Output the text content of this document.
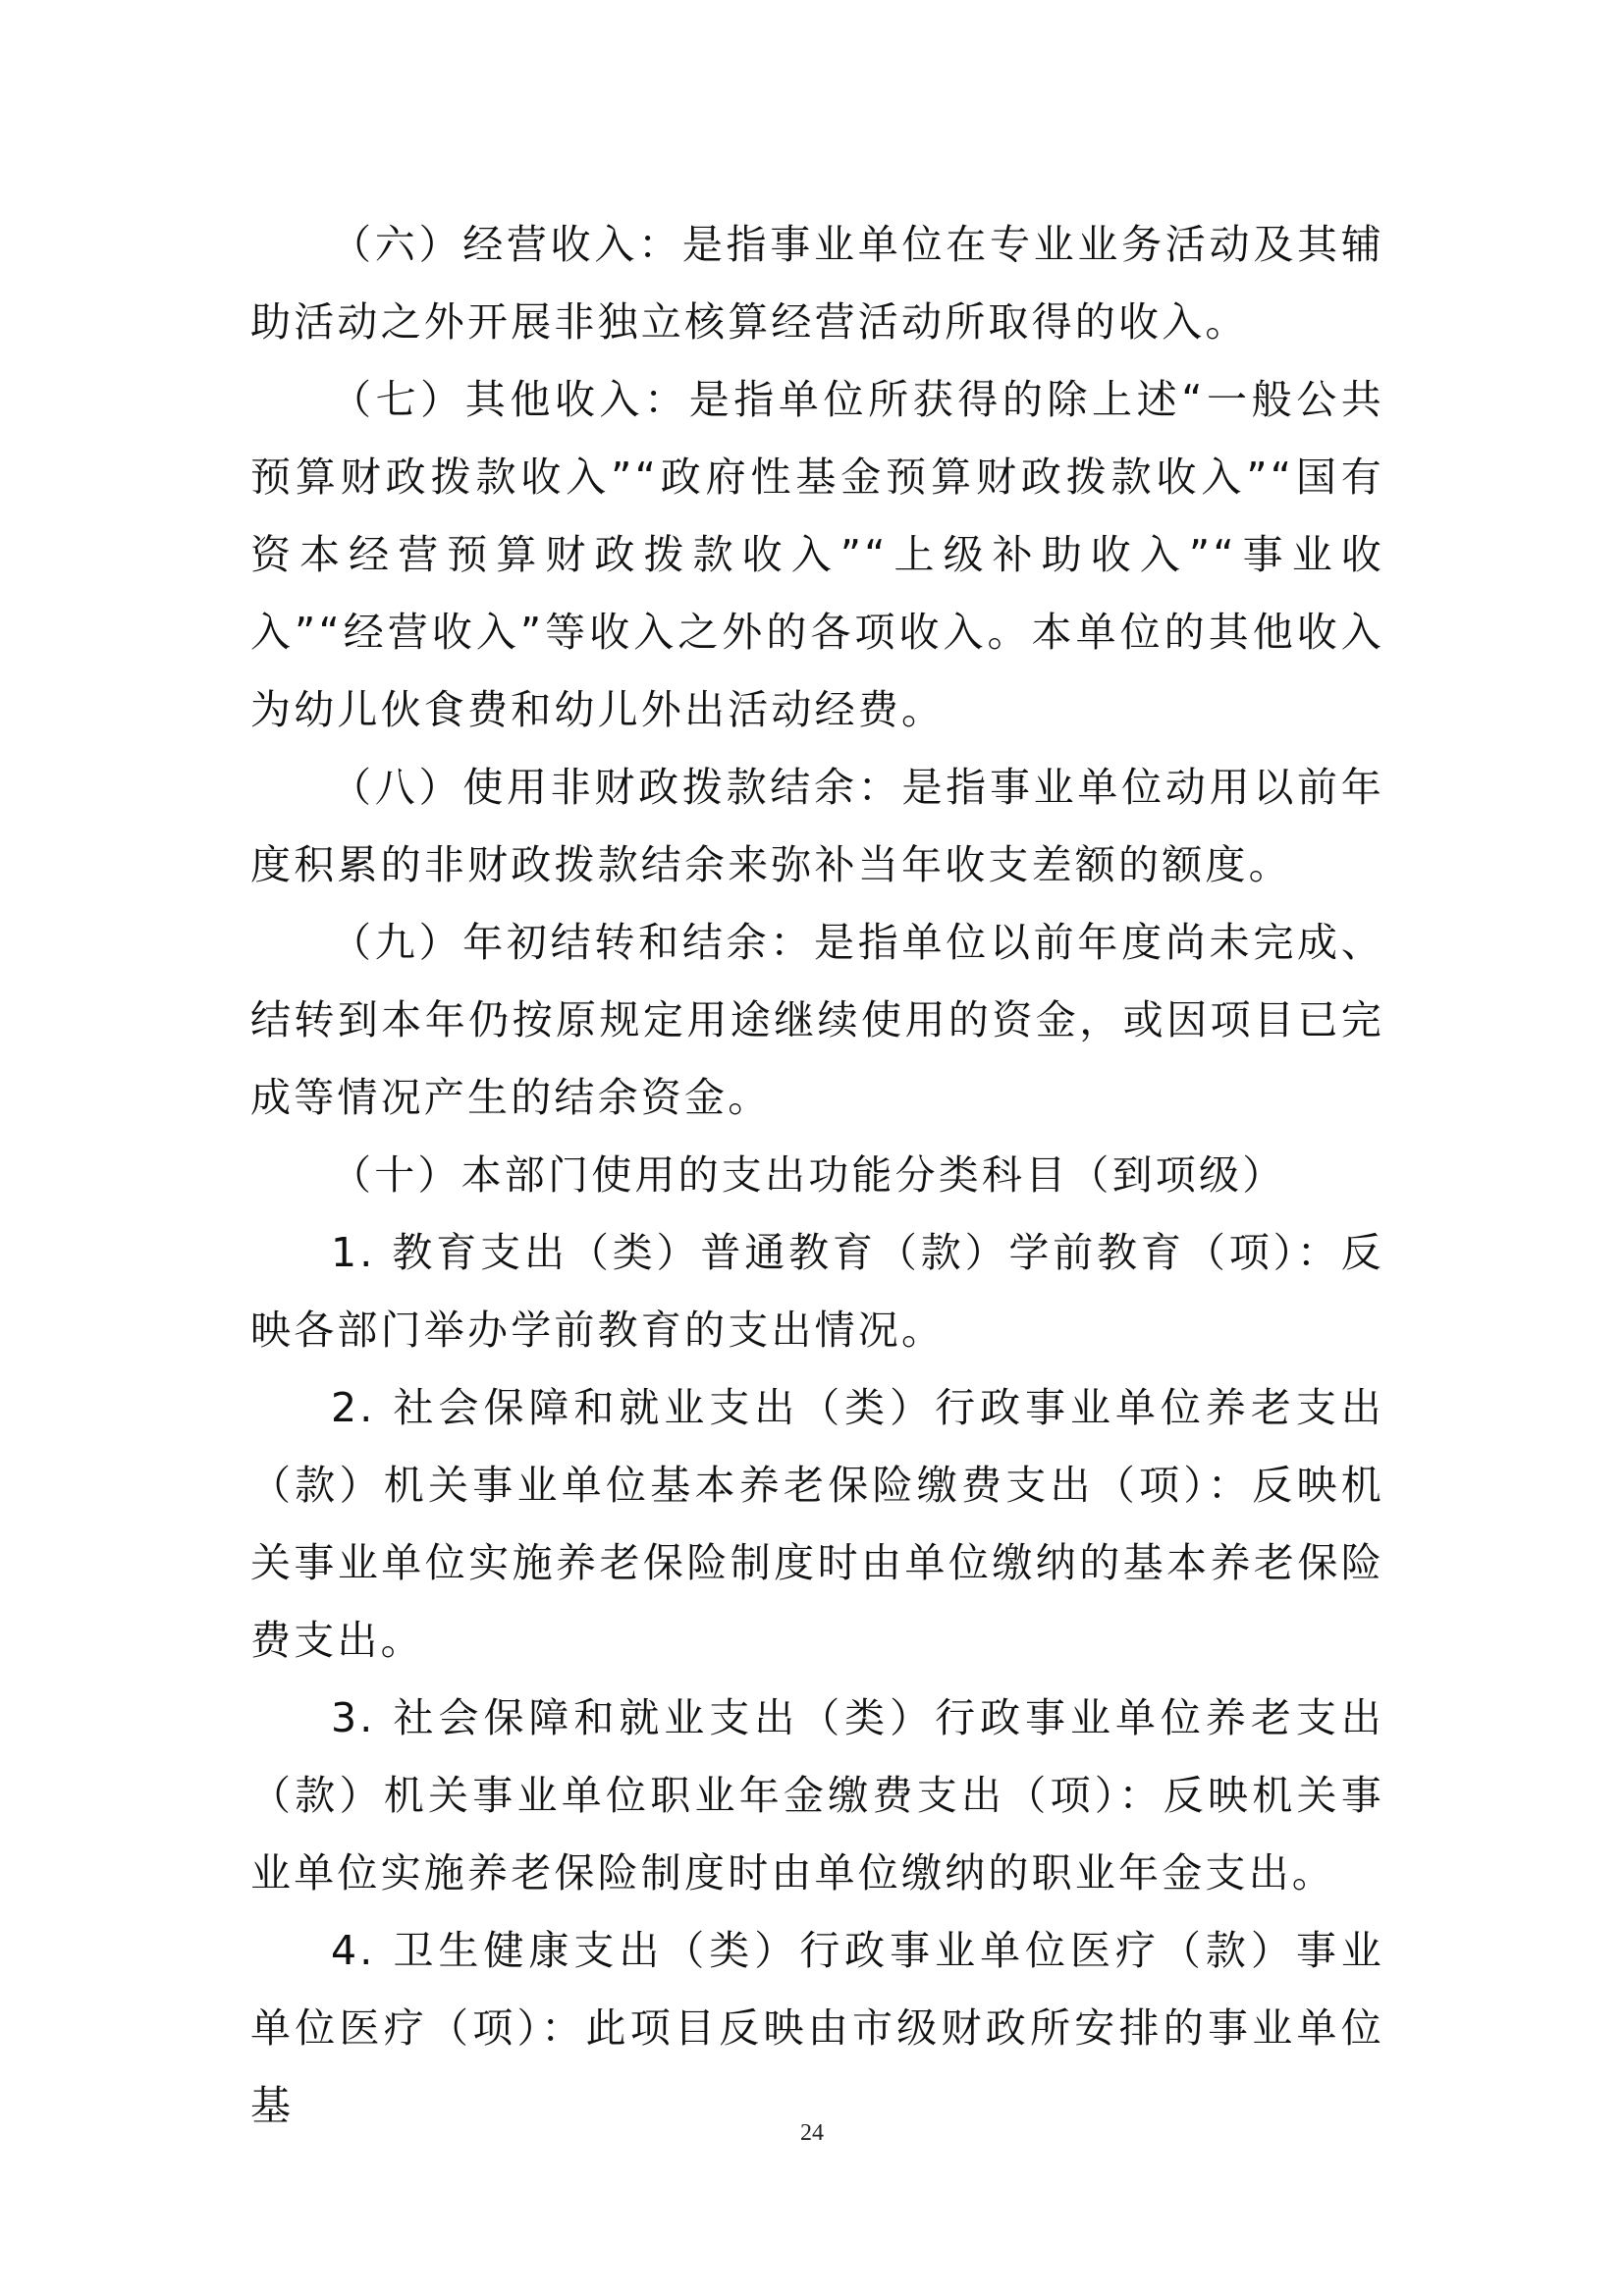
（六）经营收入：是指事业单位在专业业务活动及其辅助活动之外开展非独立核算经营活动所取得的收入。

（七）其他收入：是指单位所获得的除上述“一般公共预算财政拨款收入”“政府性基金预算财政拨款收入”“国有资本经营预算财政拨款收入”“上级补助收入”“事业收入”“经营收入”等收入之外的各项收入。本单位的其他收入为幼儿伙食费和幼儿外出活动经费。

（八）使用非财政拨款结余：是指事业单位动用以前年度积累的非财政拨款结余来弥补当年收支差额的额度。

（九）年初结转和结余：是指单位以前年度尚未完成、结转到本年仍按原规定用途继续使用的资金，或因项目已完成等情况产生的结余资金。

（十）本部门使用的支出功能分类科目（到项级）

1. 教育支出（类）普通教育（款）学前教育（项）：反映各部门举办学前教育的支出情况。

2. 社会保障和就业支出（类）行政事业单位养老支出（款）机关事业单位基本养老保险缴费支出（项）：反映机关事业单位实施养老保险制度时由单位缴纳的基本养老保险费支出。

3. 社会保障和就业支出（类）行政事业单位养老支出（款）机关事业单位职业年金缴费支出（项）：反映机关事业单位实施养老保险制度时由单位缴纳的职业年金支出。

4. 卫生健康支出（类）行政事业单位医疗（款）事业单位医疗（项）：此项目反映由市级财政所安排的事业单位基

24
